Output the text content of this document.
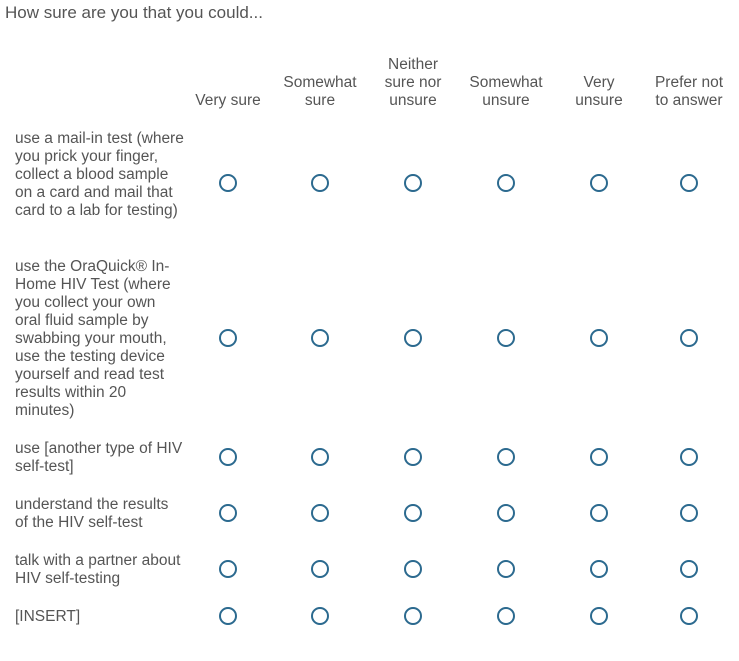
How sure are you that you could...
Very sure
Somewhat
sure
Neither
sure nor
unsure
Somewhat
unsure
Very
unsure
Prefer not
to answer
use a mail-in test (where you prick your finger, collect a blood sample on a card and mail that card to a lab for testing)
use the OraQuick® In-Home HIV Test (where you collect your own oral fluid sample by swabbing your mouth, use the testing device yourself and read test results within 20 minutes)
use [another type of HIV self-test]
understand the results of the HIV self-test
talk with a partner about HIV self-testing
[INSERT]
